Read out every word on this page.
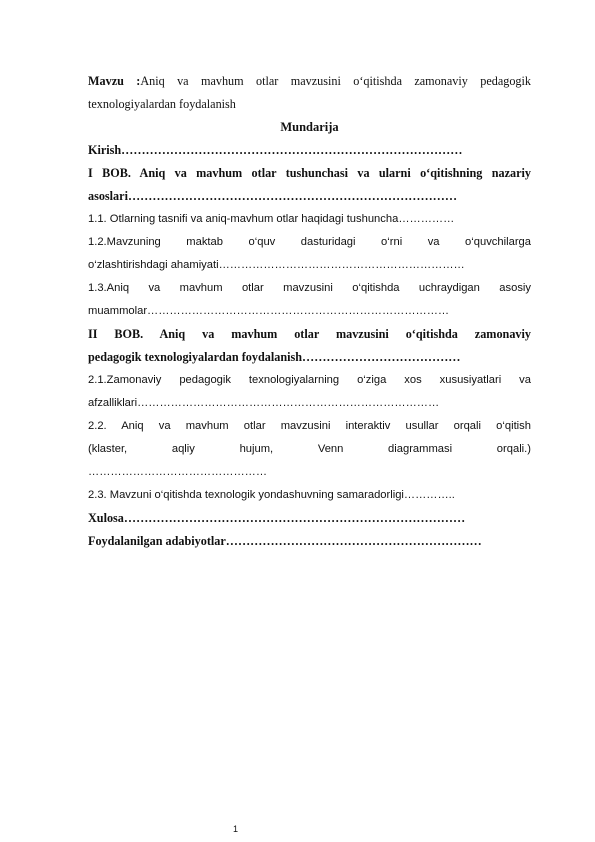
Mavzu :Aniq va mavhum otlar mavzusini o‘qitishda zamonaviy pedagogik
texnologiyalardan foydalanish
Mundarija
Kirish…………………………………………………………………………
I BOB. Aniq va mavhum otlar tushunchasi va ularni o‘qitishning nazariy
asoslari………………………………………………………………………
1.1. Otlarning tasnifi va aniq-mavhum otlar haqidagi tushuncha……………
1.2.Mavzuning maktab o‘quv dasturidagi o‘rni va o‘quvchilarga
o‘zlashtirishdagi ahamiyati…………………………………………………………
1.3.Aniq va mavhum otlar mavzusini o‘qitishda uchraydigan asosiy
muammolar………………………………………………………………………
II BOB. Aniq va mavhum otlar mavzusini o‘qitishda zamonaviy
pedagogik texnologiyalardan foydalanish…………………………………
2.1.Zamonaviy pedagogik texnologiyalarning o‘ziga xos xususiyatlari va
afzalliklari………………………………………………………………………
2.2. Aniq va mavhum otlar mavzusini interaktiv usullar orqali o‘qitish
(klaster, aqliy hujum, Venn diagrammasi orqali.)
…………………………………………
2.3. Mavzuni o‘qitishda texnologik yondashuvning samaradorligi…………..
Xulosa…………………………………………………………………………
Foydalanilgan adabiyotlar………………………………………………………
1
